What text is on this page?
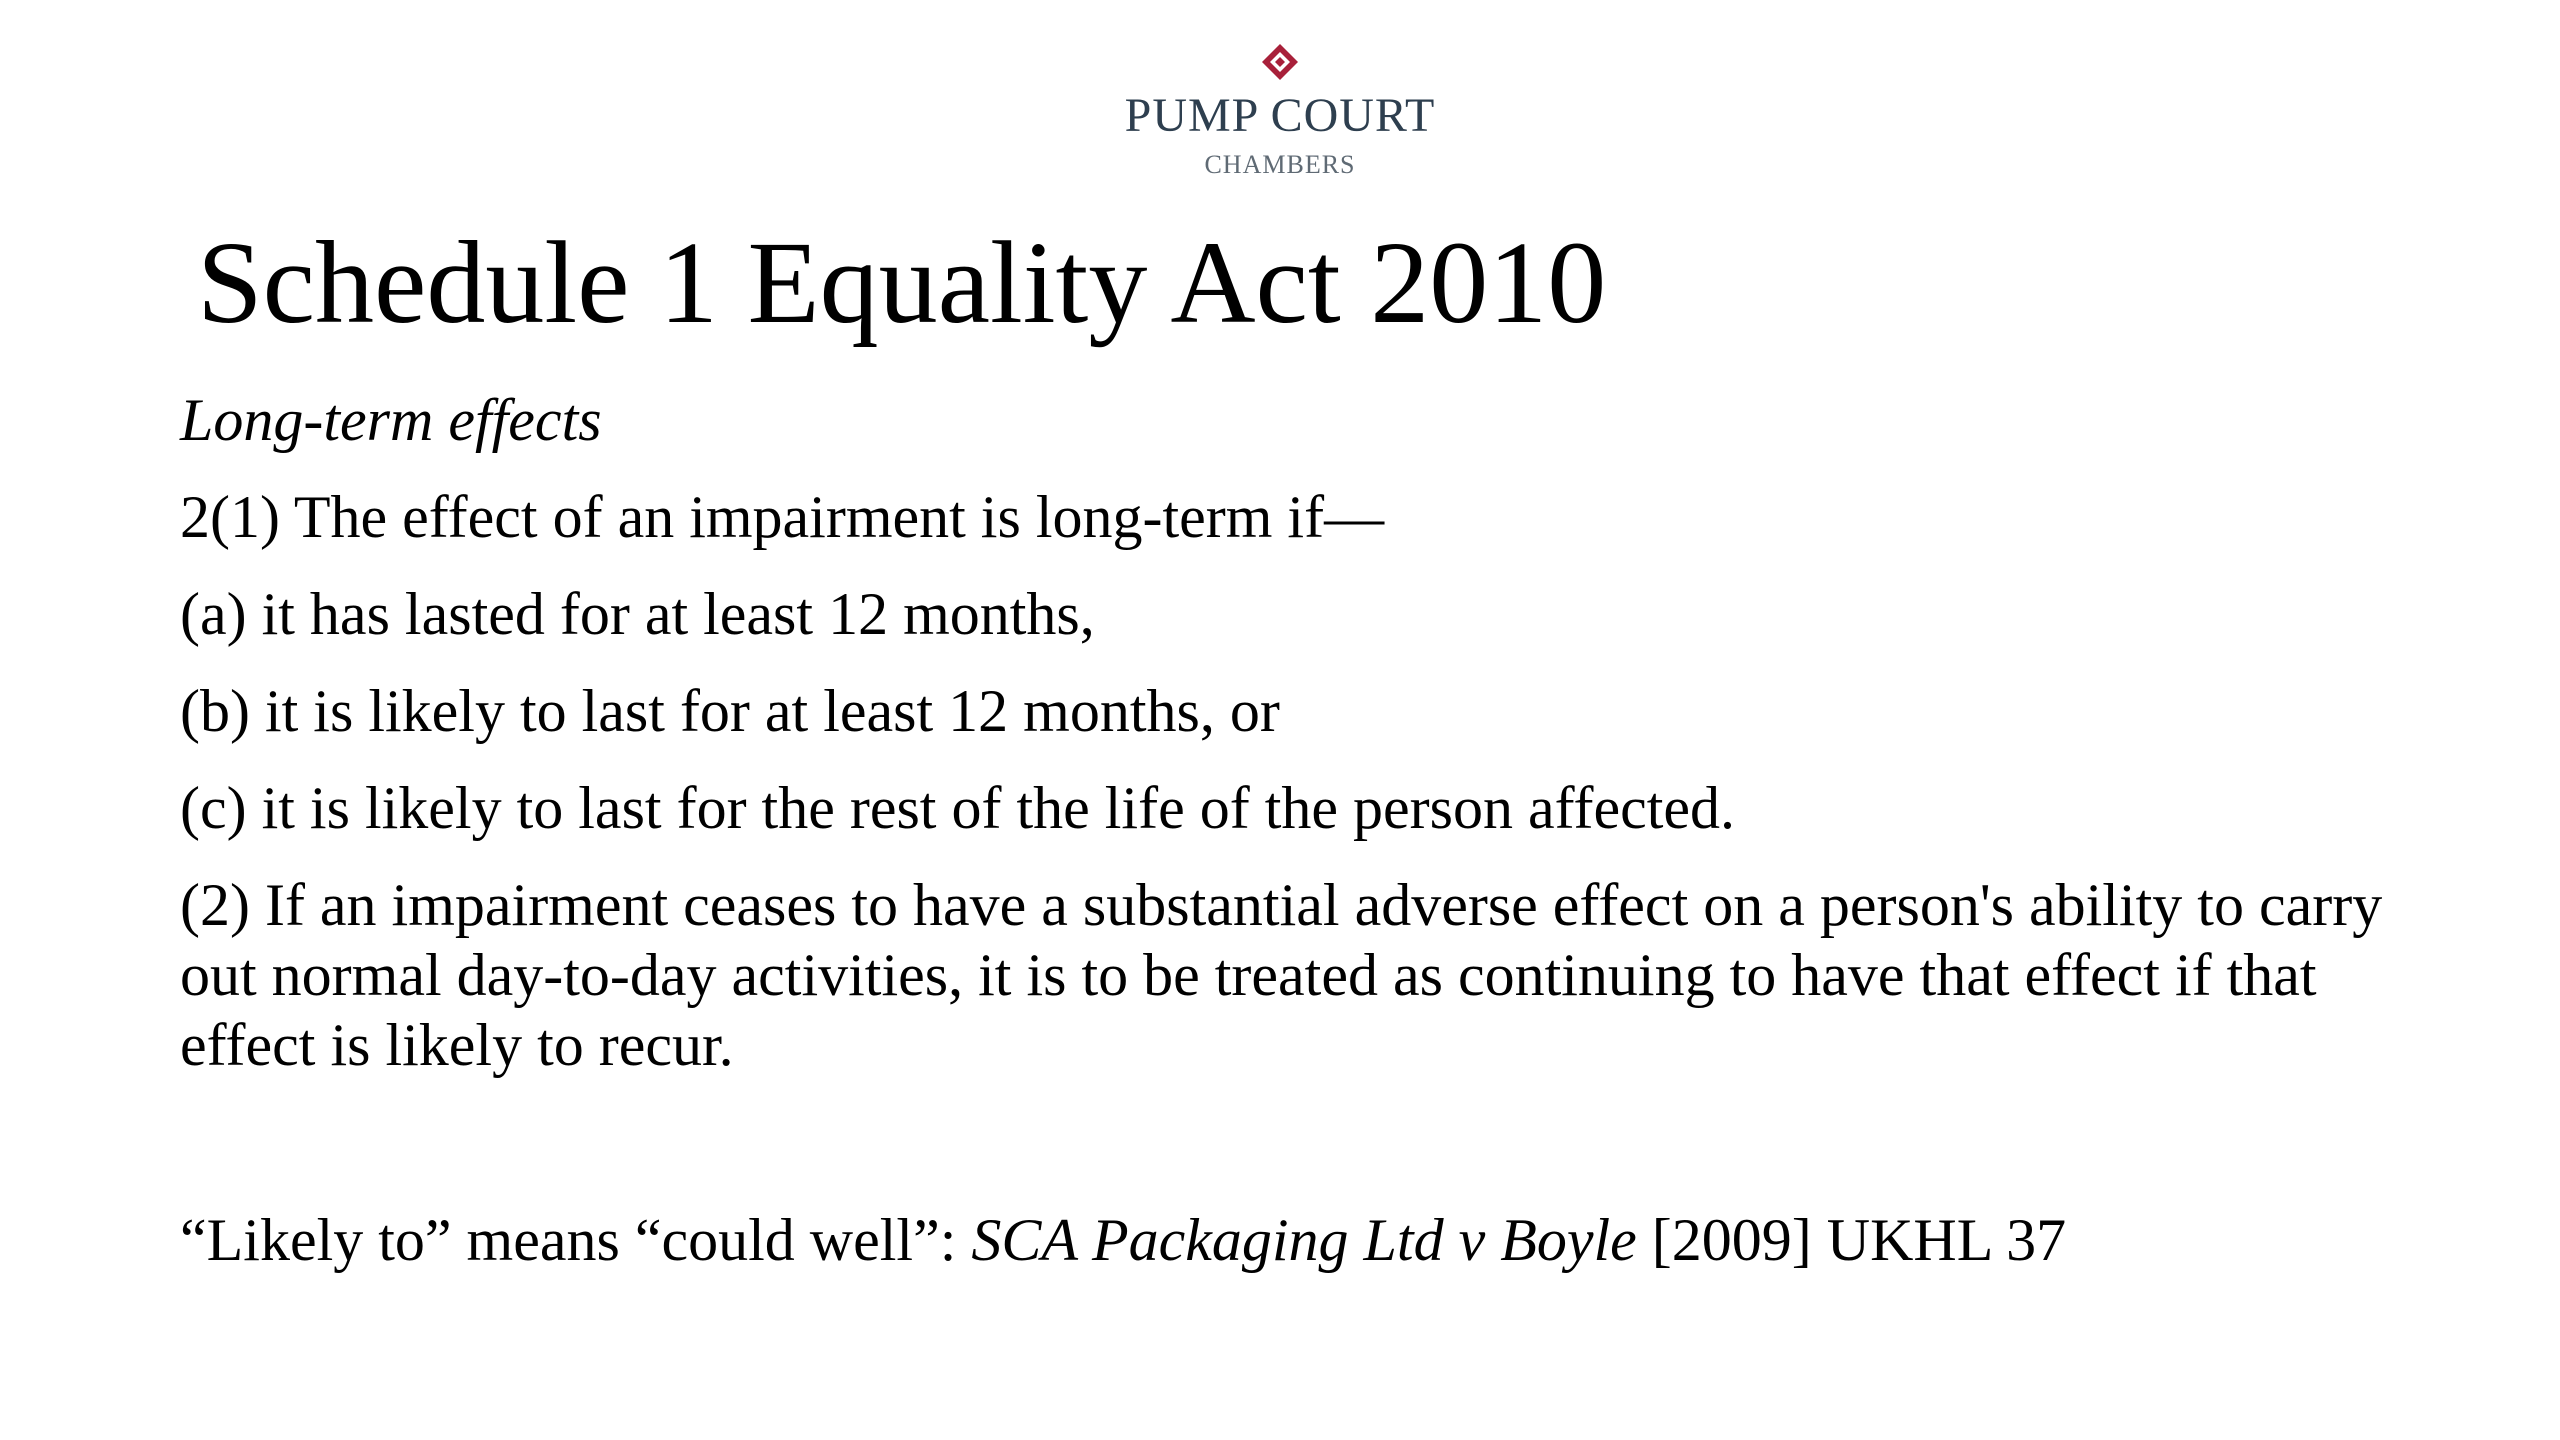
PUMP COURT
CHAMBERS
Schedule 1 Equality Act 2010

Long-term effects

2(1) The effect of an impairment is long-term if—

(a) it has lasted for at least 12 months,

(b) it is likely to last for at least 12 months, or

(c) it is likely to last for the rest of the life of the person affected.

(2) If an impairment ceases to have a substantial adverse effect on a person's ability to carry out normal day-to-day activities, it is to be treated as continuing to have that effect if that effect is likely to recur.

“Likely to” means “could well”: SCA Packaging Ltd v Boyle [2009] UKHL 37
